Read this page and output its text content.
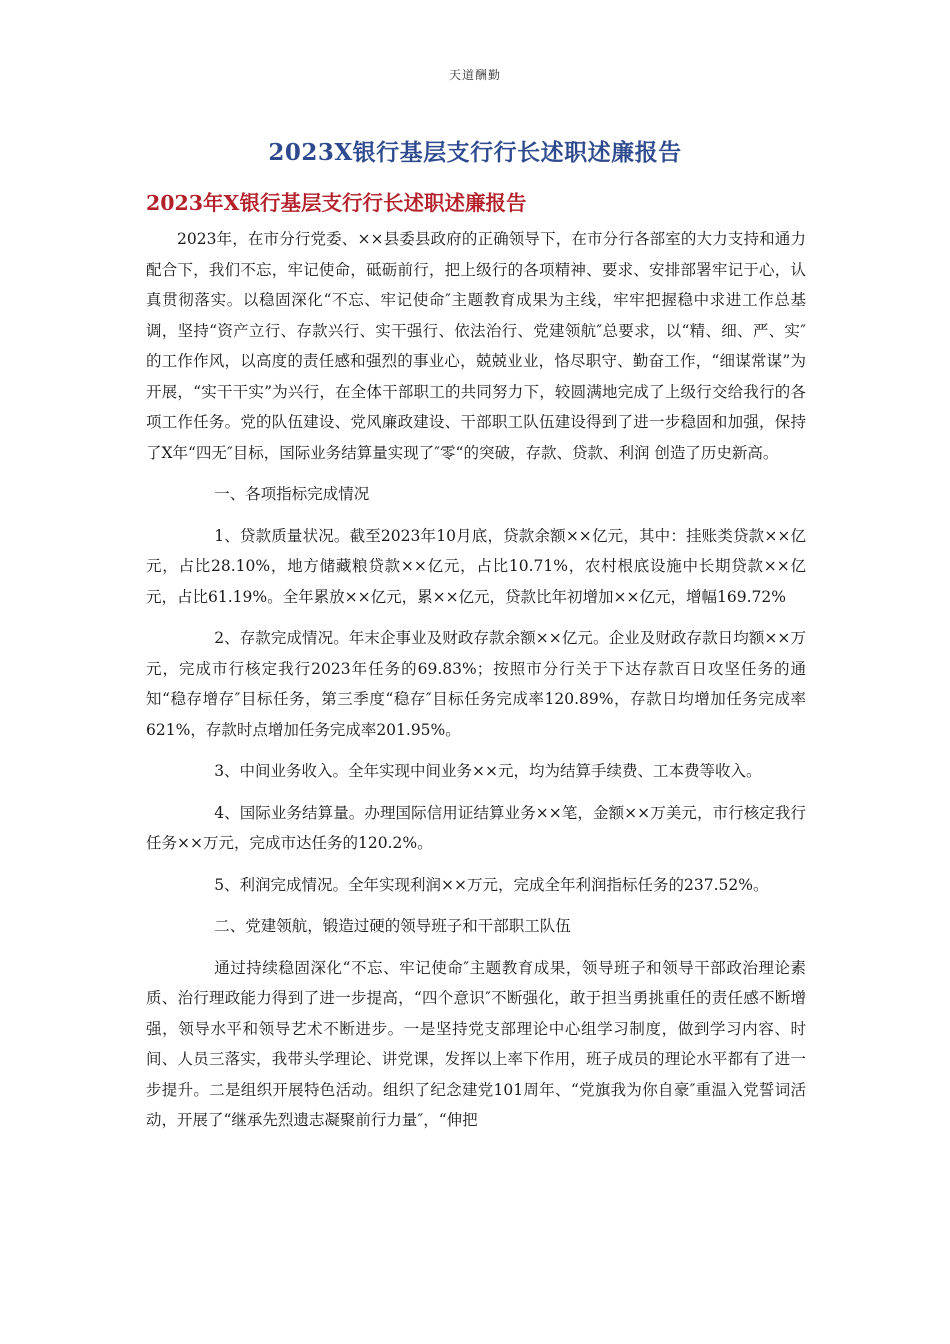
天道酬勤
2023X银行基层支行行长述职述廉报告
2023年X银行基层支行行长述职述廉报告

2023年，在市分行党委、××县委县政府的正确领导下，在市分行各部室的大力支持和通力配合下，我们不忘，牢记使命，砥砺前行，把上级行的各项精神、要求、安排部署牢记于心，认真贯彻落实。以稳固深化“不忘、牢记使命″主题教育成果为主线，牢牢把握稳中求进工作总基调，坚持“资产立行、存款兴行、实干强行、依法治行、党建领航″总要求，以“精、细、严、实″的工作作风，以高度的责任感和强烈的事业心，兢兢业业，恪尽职守、勤奋工作，“细谋常谋”为开展，“实干干实”为兴行，在全体干部职工的共同努力下，较圆满地完成了上级行交给我行的各项工作任务。党的队伍建设、党风廉政建设、干部职工队伍建设得到了进一步稳固和加强，保持了X年“四无″目标，国际业务结算量实现了″零“的突破，存款、贷款、利润 创造了历史新高。

一、各项指标完成情况

1、贷款质量状况。截至2023年10月底，贷款余额××亿元，其中：挂账类贷款××亿元，占比28.10%，地方储藏粮贷款××亿元，占比10.71%，农村根底设施中长期贷款××亿元，占比61.19%。全年累放××亿元，累××亿元，贷款比年初增加××亿元，增幅169.72%

2、存款完成情况。年末企事业及财政存款余额××亿元。企业及财政存款日均额××万元，完成市行核定我行2023年任务的69.83%；按照市分行关于下达存款百日攻坚任务的通知“稳存增存″目标任务，第三季度“稳存″目标任务完成率120.89%，存款日均增加任务完成率621%，存款时点增加任务完成率201.95%。

3、中间业务收入。全年实现中间业务××元，均为结算手续费、工本费等收入。

4、国际业务结算量。办理国际信用证结算业务××笔，金额××万美元，市行核定我行任务××万元，完成市达任务的120.2%。

5、利润完成情况。全年实现利润××万元，完成全年利润指标任务的237.52%。

二、党建领航，锻造过硬的领导班子和干部职工队伍

通过持续稳固深化“不忘、牢记使命″主题教育成果，领导班子和领导干部政治理论素质、治行理政能力得到了进一步提高，“四个意识″不断强化，敢于担当勇挑重任的责任感不断增强，领导水平和领导艺术不断进步。一是坚持党支部理论中心组学习制度，做到学习内容、时间、人员三落实，我带头学理论、讲党课，发挥以上率下作用，班子成员的理论水平都有了进一步提升。二是组织开展特色活动。组织了纪念建党101周年、“党旗我为你自豪″重温入党誓词活动，开展了“继承先烈遗志凝聚前行力量″，“伸把
